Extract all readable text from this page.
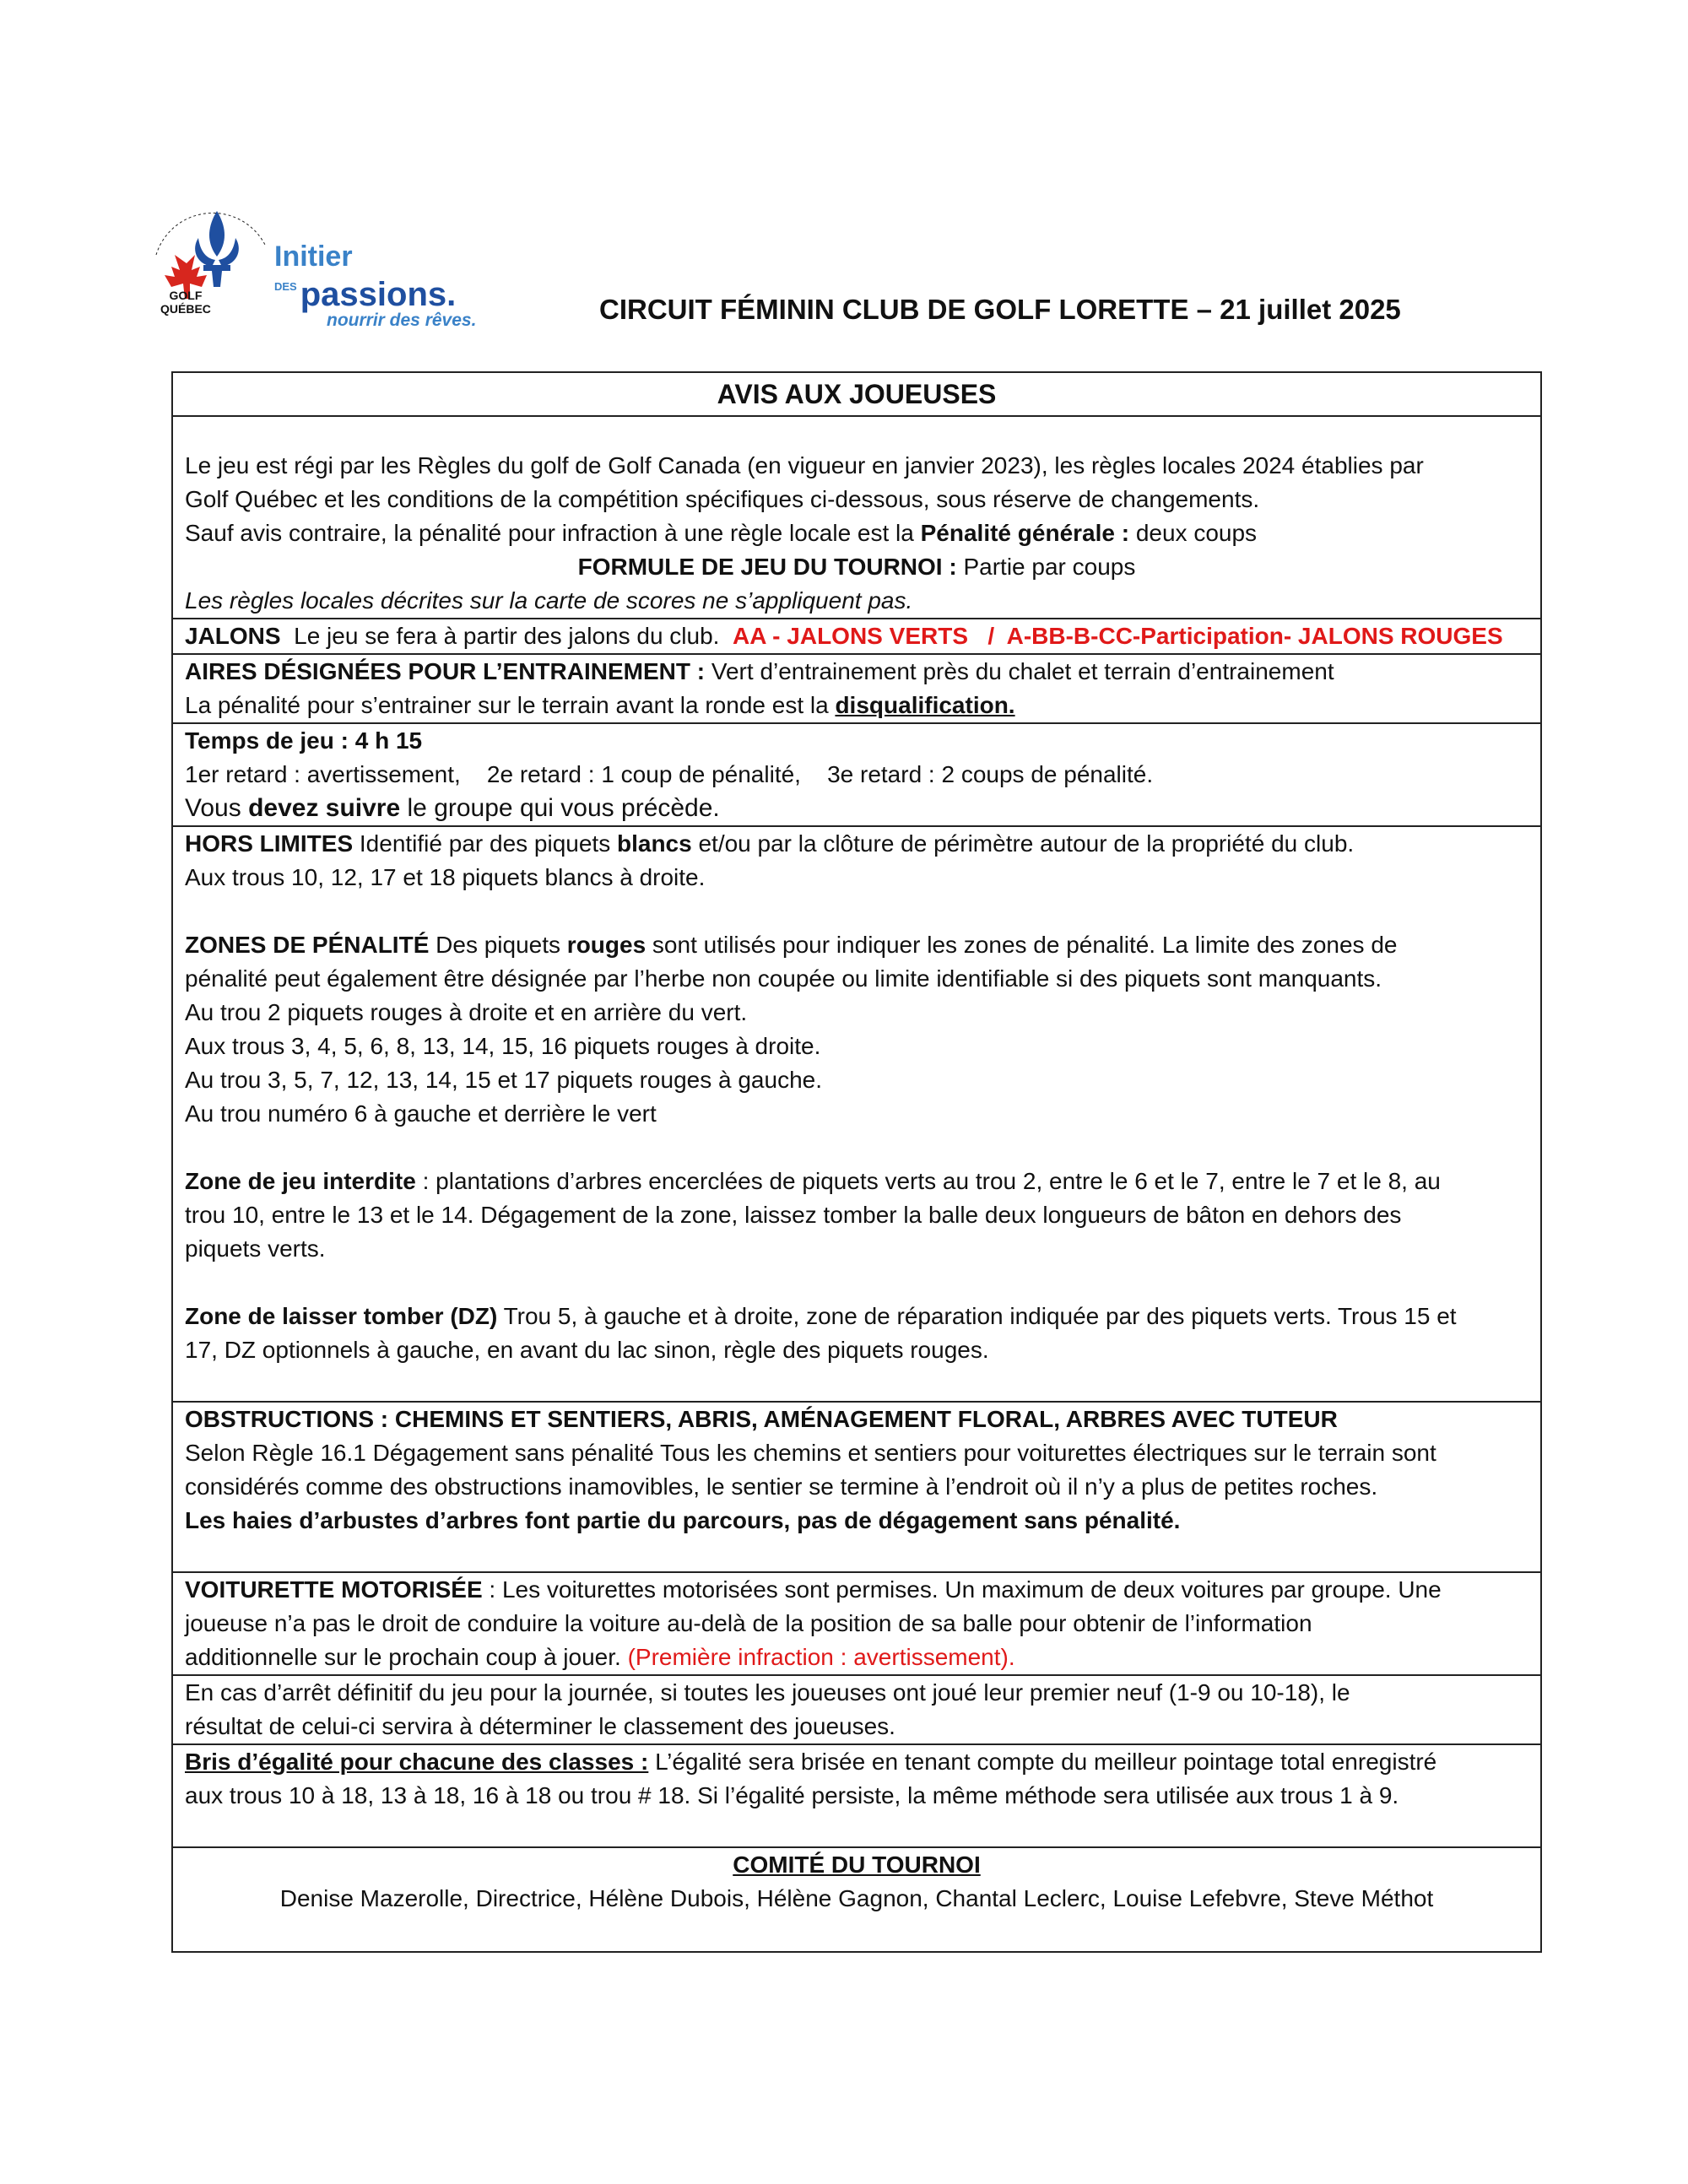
GOLF
QUÉBEC
Initier
$^{DES}$ passions.
nourrir des rêves.	CIRCUIT FÉMININ CLUB DE GOLF LORETTE – 21 juillet 2025
AVIS AUX JOUEUSES

Le jeu est régi par les Règles du golf de Golf Canada (en vigueur en janvier 2023), les règles locales 2024 établies par

Golf Québec et les conditions de la compétition spécifiques ci-dessous, sous réserve de changements.

Sauf avis contraire, la pénalité pour infraction à une règle locale est la Pénalité générale : deux coups

FORMULE DE JEU DU TOURNOI : Partie par coups

Les règles locales décrites sur la carte de scores ne s’appliquent pas.

JALONS  Le jeu se fera à partir des jalons du club.  AA - JALONS VERTS   /  A-BB-B-CC-Participation- JALONS ROUGES

AIRES DÉSIGNÉES POUR L’ENTRAINEMENT : Vert d’entrainement près du chalet et terrain d’entrainement

La pénalité pour s’entrainer sur le terrain avant la ronde est la disqualification.

Temps de jeu : 4 h 15

1er retard : avertissement,    2e retard : 1 coup de pénalité,    3e retard : 2 coups de pénalité.

Vous devez suivre le groupe qui vous précède.

HORS LIMITES Identifié par des piquets blancs et/ou par la clôture de périmètre autour de la propriété du club.

Aux trous 10, 12, 17 et 18 piquets blancs à droite.

ZONES DE PÉNALITÉ Des piquets rouges sont utilisés pour indiquer les zones de pénalité. La limite des zones de

pénalité peut également être désignée par l’herbe non coupée ou limite identifiable si des piquets sont manquants.

Au trou 2 piquets rouges à droite et en arrière du vert.

Aux trous 3, 4, 5, 6, 8, 13, 14, 15, 16 piquets rouges à droite.

Au trou 3, 5, 7, 12, 13, 14, 15 et 17 piquets rouges à gauche.

Au trou numéro 6 à gauche et derrière le vert

Zone de jeu interdite : plantations d’arbres encerclées de piquets verts au trou 2, entre le 6 et le 7, entre le 7 et le 8, au

trou 10, entre le 13 et le 14. Dégagement de la zone, laissez tomber la balle deux longueurs de bâton en dehors des

piquets verts.

Zone de laisser tomber (DZ) Trou 5, à gauche et à droite, zone de réparation indiquée par des piquets verts. Trous 15 et

17, DZ optionnels à gauche, en avant du lac sinon, règle des piquets rouges.

OBSTRUCTIONS : CHEMINS ET SENTIERS, ABRIS, AMÉNAGEMENT FLORAL, ARBRES AVEC TUTEUR

Selon Règle 16.1 Dégagement sans pénalité Tous les chemins et sentiers pour voiturettes électriques sur le terrain sont

considérés comme des obstructions inamovibles, le sentier se termine à l’endroit où il n’y a plus de petites roches.

Les haies d’arbustes d’arbres font partie du parcours, pas de dégagement sans pénalité.

VOITURETTE MOTORISÉE : Les voiturettes motorisées sont permises. Un maximum de deux voitures par groupe. Une

joueuse n’a pas le droit de conduire la voiture au-delà de la position de sa balle pour obtenir de l’information

additionnelle sur le prochain coup à jouer. (Première infraction : avertissement).

En cas d’arrêt définitif du jeu pour la journée, si toutes les joueuses ont joué leur premier neuf (1-9 ou 10-18), le

résultat de celui-ci servira à déterminer le classement des joueuses.

Bris d’égalité pour chacune des classes : L’égalité sera brisée en tenant compte du meilleur pointage total enregistré

aux trous 10 à 18, 13 à 18, 16 à 18 ou trou # 18. Si l’égalité persiste, la même méthode sera utilisée aux trous 1 à 9.

COMITÉ DU TOURNOI

Denise Mazerolle, Directrice, Hélène Dubois, Hélène Gagnon, Chantal Leclerc, Louise Lefebvre, Steve Méthot
